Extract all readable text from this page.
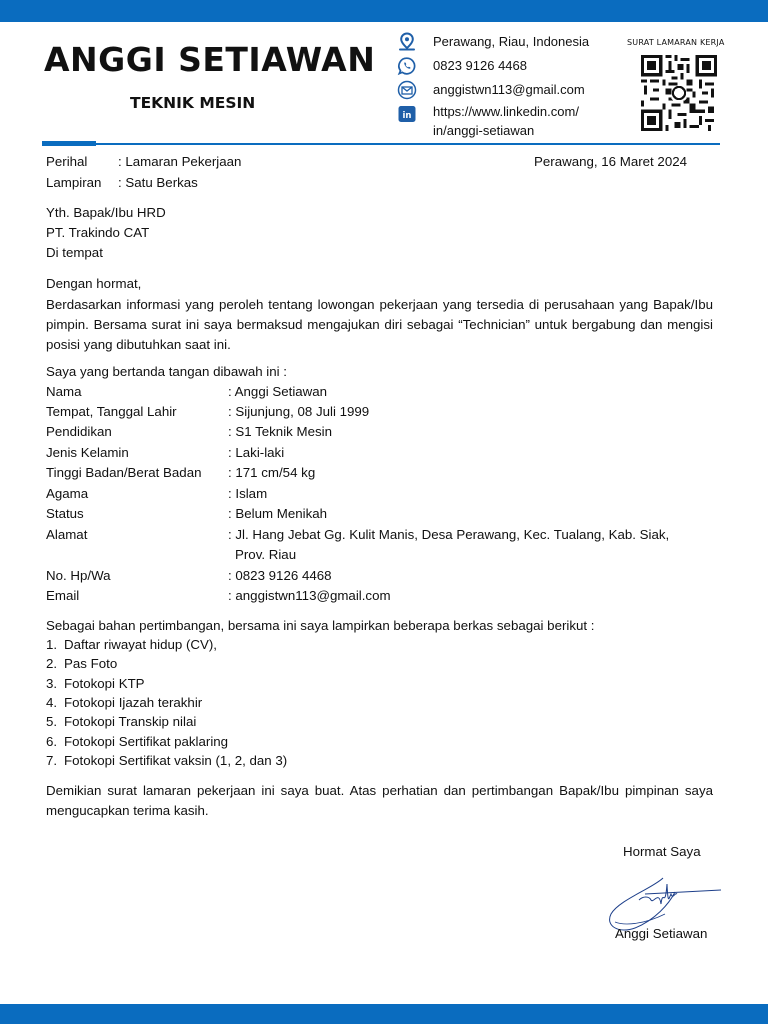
ANGGI SETIAWAN
TEKNIK MESIN
Perawang, Riau, Indonesia
0823 9126 4468
anggistwn113@gmail.com
in https://www.linkedin.com/
in/anggi-setiawan
SURAT LAMARAN KERJA
Perihal : Lamaran Pekerjaan	Perawang, 16 Maret 2024
Lampiran : Satu Berkas
Yth. Bapak/Ibu HRD
PT. Trakindo CAT
Di tempat
Dengan hormat,
Berdasarkan informasi yang peroleh tentang lowongan pekerjaan yang tersedia di perusahaan yang Bapak/Ibu pimpin. Bersama surat ini saya bermaksud mengajukan diri sebagai “Technician” untuk bergabung dan mengisi posisi yang dibutuhkan saat ini.
Saya yang bertanda tangan dibawah ini :
Nama	: Anggi Setiawan
Tempat, Tanggal Lahir	: Sijunjung, 08 Juli 1999
Pendidikan	: S1 Teknik Mesin
Jenis Kelamin	: Laki-laki
Tinggi Badan/Berat Badan : 171 cm/54 kg
Agama	: Islam
Status	: Belum Menikah
Alamat	: Jl. Hang Jebat Gg. Kulit Manis, Desa Perawang, Kec. Tualang, Kab. Siak,
Prov. Riau
No. Hp/Wa	: 0823 9126 4468
Email	: anggistwn113@gmail.com
Sebagai bahan pertimbangan, bersama ini saya lampirkan beberapa berkas sebagai berikut :
1. Daftar riwayat hidup (CV),
2. Pas Foto
3. Fotokopi KTP
4. Fotokopi Ijazah terakhir
5. Fotokopi Transkip nilai
6. Fotokopi Sertifikat paklaring
7. Fotokopi Sertifikat vaksin (1, 2, dan 3)
Demikian surat lamaran pekerjaan ini saya buat. Atas perhatian dan pertimbangan Bapak/Ibu pimpinan saya mengucapkan terima kasih.
Hormat Saya
Anggi Setiawan
